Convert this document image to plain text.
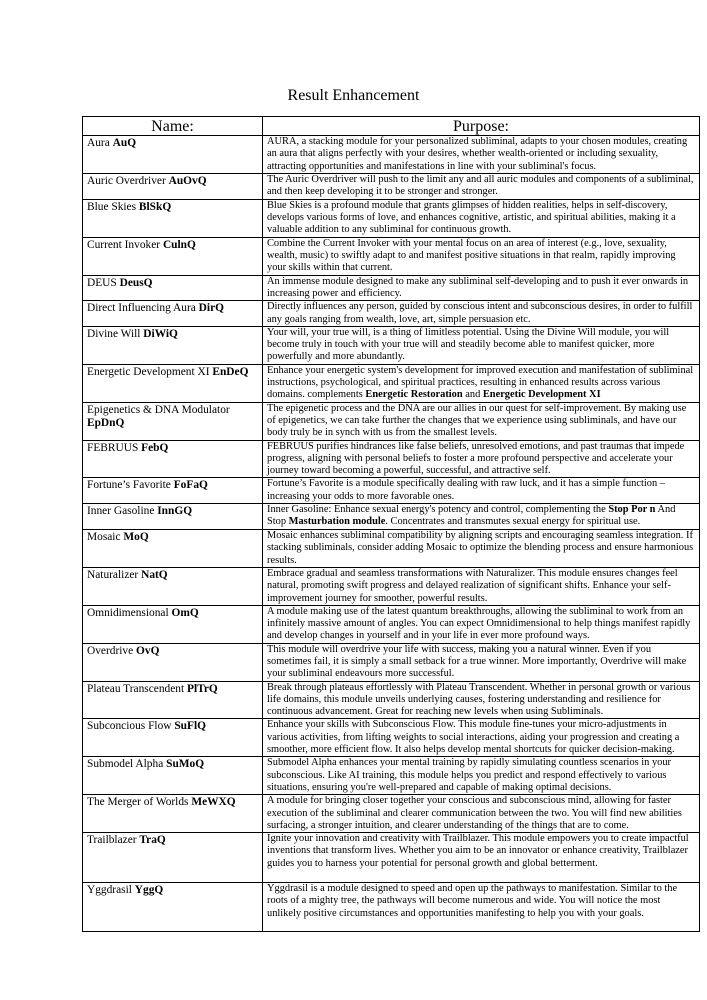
Result Enhancement
Name:	Purpose:
Aura AuQ	AURA, a stacking module for your personalized subliminal, adapts to your chosen modules, creating an aura that aligns perfectly with your desires, whether wealth-oriented or including sexuality, attracting opportunities and manifestations in line with your subliminal's focus.
Auric Overdriver AuOvQ	The Auric Overdriver will push to the limit any and all auric modules and components of a subliminal, and then keep developing it to be stronger and stronger.
Blue Skies BlSkQ	Blue Skies is a profound module that grants glimpses of hidden realities, helps in self-discovery, develops various forms of love, and enhances cognitive, artistic, and spiritual abilities, making it a valuable addition to any subliminal for continuous growth.
Current Invoker CulnQ	Combine the Current Invoker with your mental focus on an area of interest (e.g., love, sexuality, wealth, music) to swiftly adapt to and manifest positive situations in that realm, rapidly improving your skills within that current.
DEUS DeusQ	An immense module designed to make any subliminal self-developing and to push it ever onwards in increasing power and efficiency.
Direct Influencing Aura DirQ	Directly influences any person, guided by conscious intent and subconscious desires, in order to fulfill any goals ranging from wealth, love, art, simple persuasion etc.
Divine Will DiWiQ	Your will, your true will, is a thing of limitless potential. Using the Divine Will module, you will become truly in touch with your true will and steadily become able to manifest quicker, more powerfully and more abundantly.
Energetic Development XI EnDeQ	Enhance your energetic system's development for improved execution and manifestation of subliminal instructions, psychological, and spiritual practices, resulting in enhanced results across various domains. complements Energetic Restoration and Energetic Development XI
Epigenetics & DNA Modulator EpDnQ	The epigenetic process and the DNA are our allies in our quest for self-improvement. By making use of epigenetics, we can take further the changes that we experience using subliminals, and have our body truly be in synch with us from the smallest levels.
FEBRUUS FebQ	FEBRUUS purifies hindrances like false beliefs, unresolved emotions, and past traumas that impede progress, aligning with personal beliefs to foster a more profound perspective and accelerate your journey toward becoming a powerful, successful, and attractive self.
Fortune’s Favorite FoFaQ	Fortune’s Favorite is a module specifically dealing with raw luck, and it has a simple function – increasing your odds to more favorable ones.
Inner Gasoline InnGQ	Inner Gasoline: Enhance sexual energy's potency and control, complementing the Stop Por n And Stop Masturbation module. Concentrates and transmutes sexual energy for spiritual use.
Mosaic MoQ	Mosaic enhances subliminal compatibility by aligning scripts and encouraging seamless integration. If stacking subliminals, consider adding Mosaic to optimize the blending process and ensure harmonious results.
Naturalizer NatQ	Embrace gradual and seamless transformations with Naturalizer. This module ensures changes feel natural, promoting swift progress and delayed realization of significant shifts. Enhance your self-improvement journey for smoother, powerful results.
Omnidimensional OmQ	A module making use of the latest quantum breakthroughs, allowing the subliminal to work from an infinitely massive amount of angles. You can expect Omnidimensional to help things manifest rapidly and develop changes in yourself and in your life in ever more profound ways.
Overdrive OvQ	This module will overdrive your life with success, making you a natural winner. Even if you sometimes fail, it is simply a small setback for a true winner. More importantly, Overdrive will make your subliminal endeavours more successful.
Plateau Transcendent PlTrQ	Break through plateaus effortlessly with Plateau Transcendent. Whether in personal growth or various life domains, this module unveils underlying causes, fostering understanding and resilience for continuous advancement. Great for reaching new levels when using Subliminals.
Subconcious Flow SuFlQ	Enhance your skills with Subconscious Flow. This module fine-tunes your micro-adjustments in various activities, from lifting weights to social interactions, aiding your progression and creating a smoother, more efficient flow. It also helps develop mental shortcuts for quicker decision-making.
Submodel Alpha SuMoQ	Submodel Alpha enhances your mental training by rapidly simulating countless scenarios in your subconscious. Like AI training, this module helps you predict and respond effectively to various situations, ensuring you're well-prepared and capable of making optimal decisions.
The Merger of Worlds MeWXQ	A module for bringing closer together your conscious and subconscious mind, allowing for faster execution of the subliminal and clearer communication between the two. You will find new abilities surfacing, a stronger intuition, and clearer understanding of the things that are to come.
Trailblazer TraQ	Ignite your innovation and creativity with Trailblazer. This module empowers you to create impactful inventions that transform lives. Whether you aim to be an innovator or enhance creativity, Trailblazer guides you to harness your potential for personal growth and global betterment.
Yggdrasil YggQ	Yggdrasil is a module designed to speed and open up the pathways to manifestation. Similar to the roots of a mighty tree, the pathways will become numerous and wide. You will notice the most unlikely positive circumstances and opportunities manifesting to help you with your goals.
